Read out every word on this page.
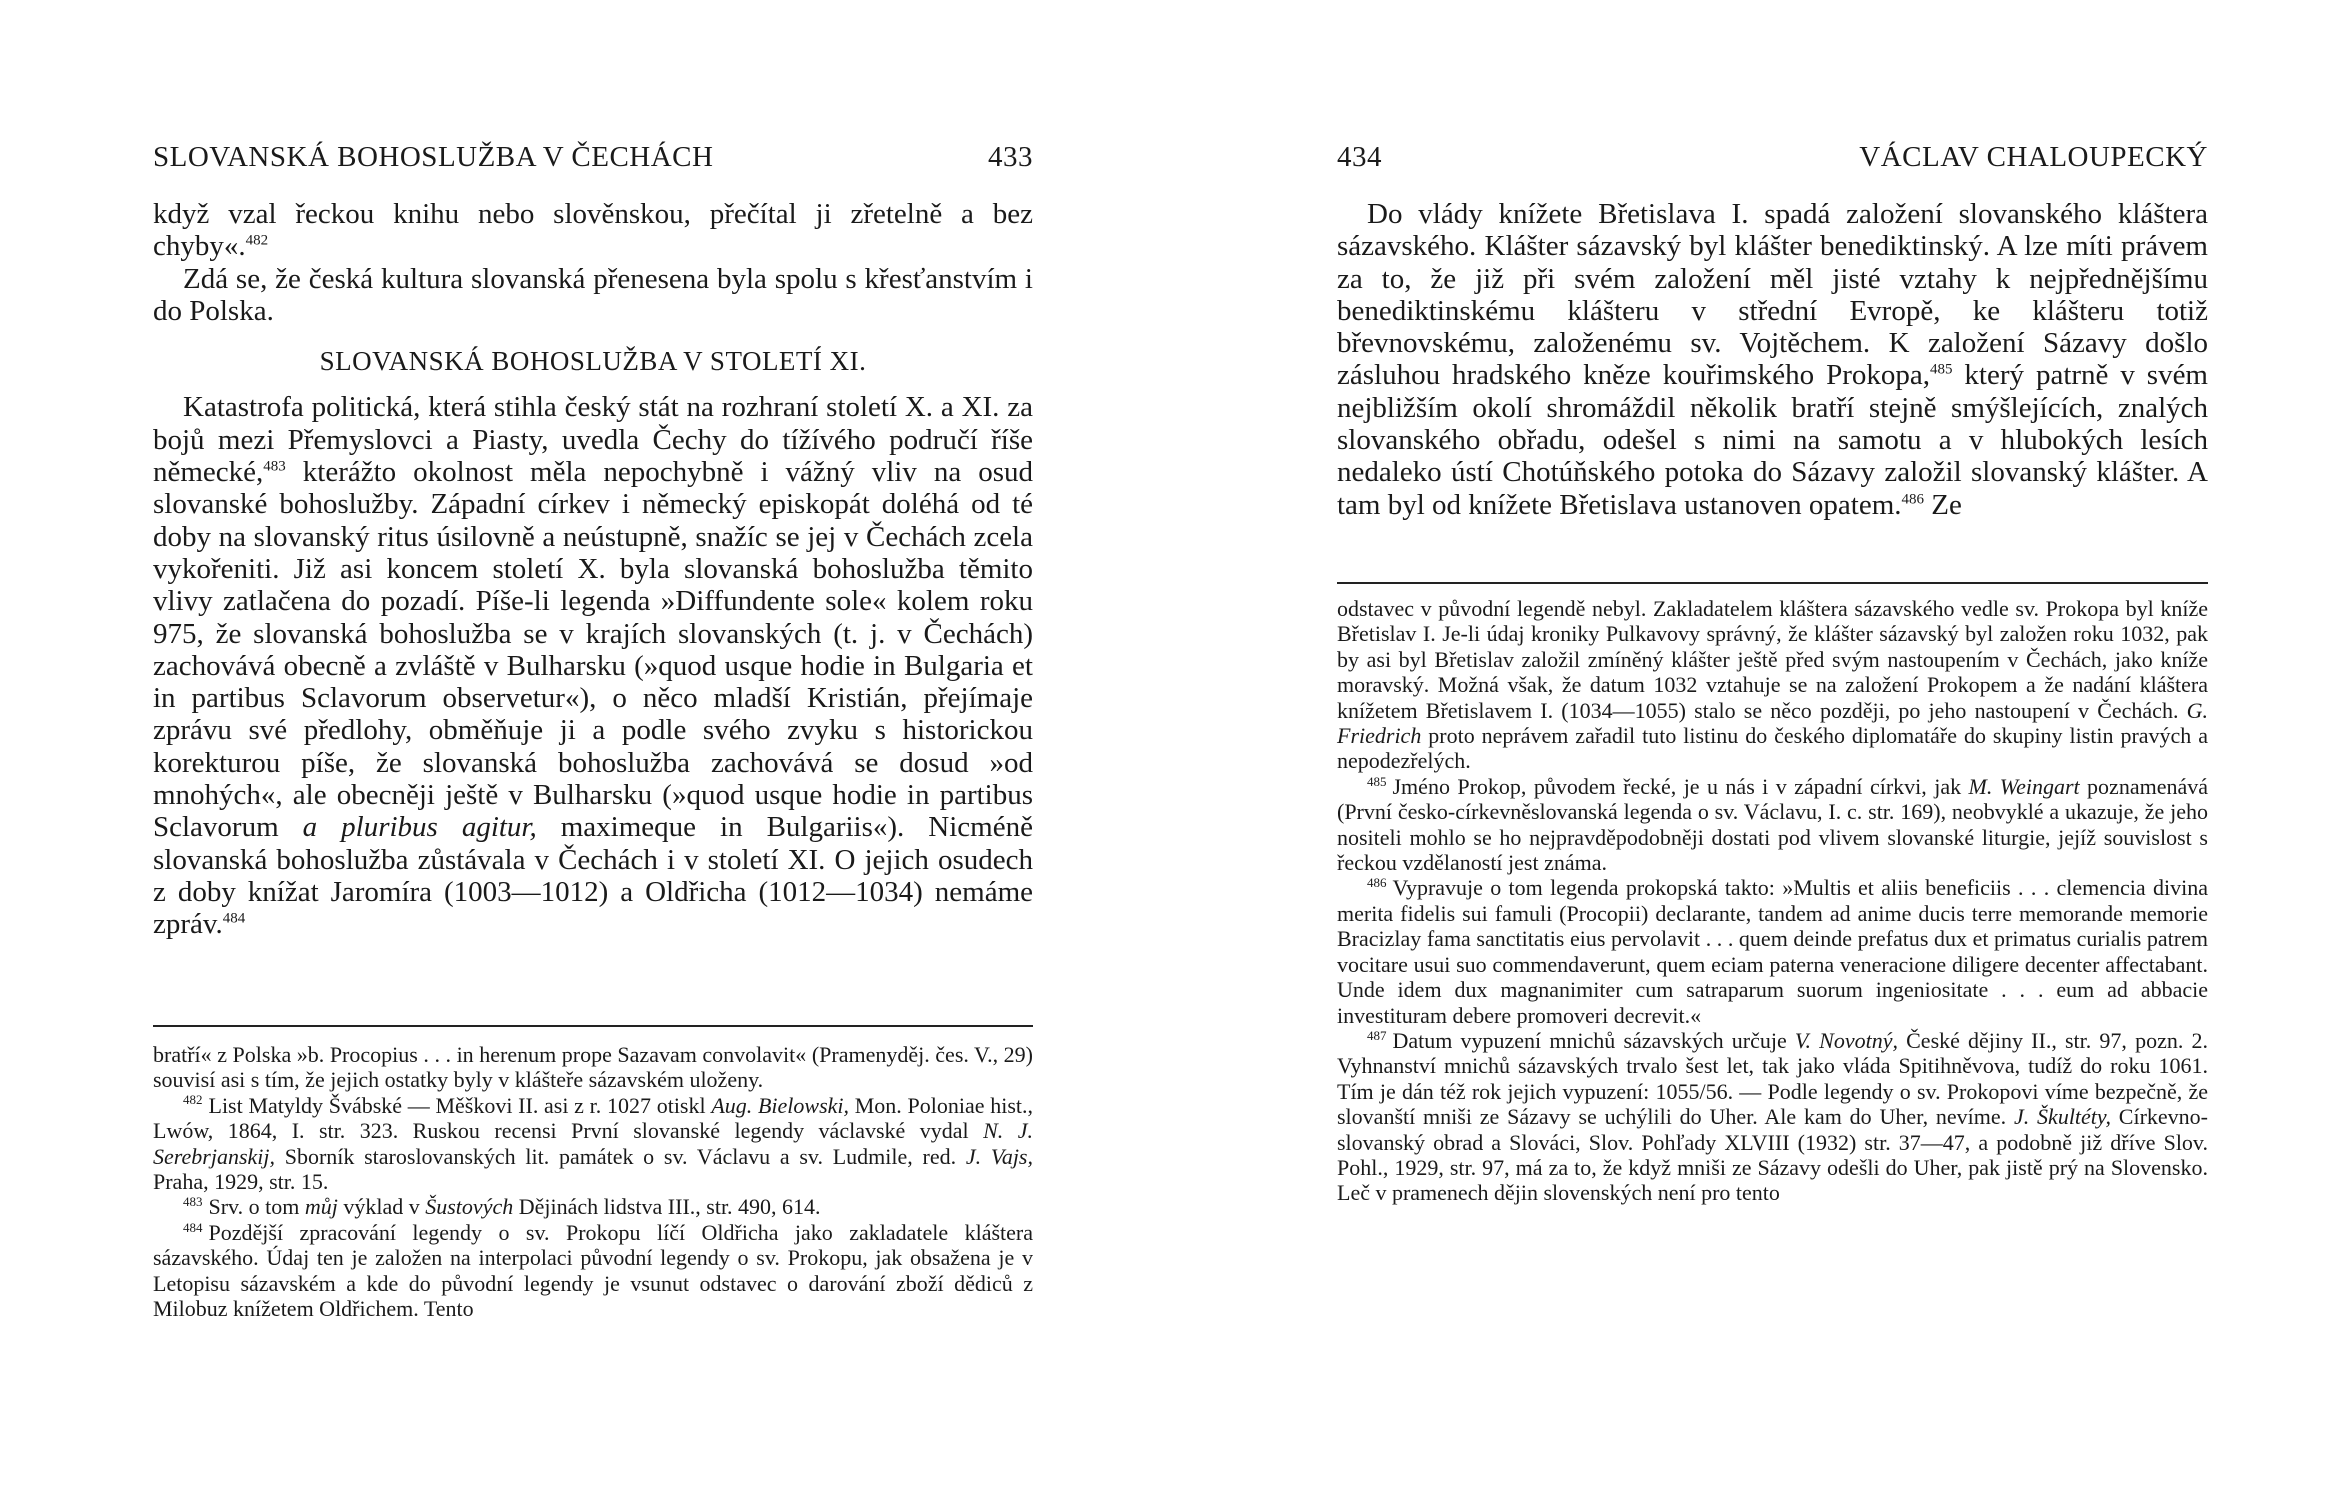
SLOVANSKÁ BOHOSLUŽBA V ČECHÁCH	433

když vzal řeckou knihu nebo slověnskou, přečítal ji zřetelně a bez chyby«.$^{482}$

Zdá se, že česká kultura slovanská přenesena byla spolu s křesťanstvím i do Polska.

SLOVANSKÁ BOHOSLUŽBA V STOLETÍ XI.

Katastrofa politická, která stihla český stát na rozhraní století X. a XI. za bojů mezi Přemyslovci a Piasty, uvedla Čechy do tížívého područí říše německé,$^{483}$ kterážto okolnost měla nepochybně i vážný vliv na osud slovanské bohoslužby. Západní církev i německý episkopát doléhá od té doby na slovanský ritus úsilovně a neústupně, snažíc se jej v Čechách zcela vykořeniti. Již asi koncem století X. byla slovanská bohoslužba těmito vlivy zatlačena do pozadí. Píše-li legenda »Diffundente sole« kolem roku 975, že slovanská bohoslužba se v krajích slovanských (t. j. v Čechách) zachovává obecně a zvláště v Bulharsku (»quod usque hodie in Bulgaria et in partibus Sclavorum observetur«), o něco mladší Kristián, přejímaje zprávu své předlohy, obměňuje ji a podle svého zvyku s historickou korekturou píše, že slovanská bohoslužba zachovává se dosud »od mnohých«, ale obecněji ještě v Bulharsku (»quod usque hodie in partibus Sclavorum a pluribus agitur, maximeque in Bulgariis«). Nicméně slovanská bohoslužba zůstávala v Čechách i v století XI. O jejich osudech z doby knížat Jaromíra (1003—1012) a Oldřicha (1012—1034) nemáme zpráv.$^{484}$

bratří« z Polska »b. Procopius . . . in herenum prope Sazavam convolavit« (Pramenyděj. čes. V., 29) souvisí asi s tím, že jejich ostatky byly v klášteře sázavském uloženy.

$^{482}$ List Matyldy Švábské — Měškovi II. asi z r. 1027 otiskl Aug. Bielowski, Mon. Poloniae hist., Lwów, 1864, I. str. 323. Ruskou recensi První slovanské legendy václavské vydal N. J. Serebrjanskij, Sborník staroslovanských lit. památek o sv. Václavu a sv. Ludmile, red. J. Vajs, Praha, 1929, str. 15.

$^{483}$ Srv. o tom můj výklad v Šustových Dějinách lidstva III., str. 490, 614.

$^{484}$ Pozdější zpracování legendy o sv. Prokopu líčí Oldřicha jako zakladatele kláštera sázavského. Údaj ten je založen na interpolaci původní legendy o sv. Prokopu, jak obsažena je v Letopisu sázavském a kde do původní legendy je vsunut odstavec o darování zboží dědiců z Milobuz knížetem Oldřichem. Tento

434	VÁCLAV CHALOUPECKÝ

Do vlády knížete Břetislava I. spadá založení slovanského kláštera sázavského. Klášter sázavský byl klášter benediktinský. A lze míti právem za to, že již při svém založení měl jisté vztahy k nejpřednějšímu benediktinskému klášteru v střední Evropě, ke klášteru totiž břevnovskému, založenému sv. Vojtěchem. K založení Sázavy došlo zásluhou hradského kněze kouřimského Prokopa,$^{485}$ který patrně v svém nejbližším okolí shromáždil několik bratří stejně smýšlejících, znalých slovanského obřadu, odešel s nimi na samotu a v hlubokých lesích nedaleko ústí Chotúňského potoka do Sázavy založil slovanský klášter. A tam byl od knížete Břetislava ustanoven opatem.$^{486}$ Ze

odstavec v původní legendě nebyl. Zakladatelem kláštera sázavského vedle sv. Prokopa byl kníže Břetislav I. Je-li údaj kroniky Pulkavovy správný, že klášter sázavský byl založen roku 1032, pak by asi byl Břetislav založil zmíněný klášter ještě před svým nastoupením v Čechách, jako kníže moravský. Možná však, že datum 1032 vztahuje se na založení Prokopem a že nadání kláštera knížetem Břetislavem I. (1034—1055) stalo se něco později, po jeho nastoupení v Čechách. G. Friedrich proto neprávem zařadil tuto listinu do českého diplomatáře do skupiny listin pravých a nepodezřelých.

$^{485}$ Jméno Prokop, původem řecké, je u nás i v západní církvi, jak M. Weingart poznamenává (První česko-církevněslovanská legenda o sv. Václavu, I. c. str. 169), neobvyklé a ukazuje, že jeho nositeli mohlo se ho nejpravděpodobněji dostati pod vlivem slovanské liturgie, jejíž souvislost s řeckou vzdělaností jest známa.

$^{486}$ Vypravuje o tom legenda prokopská takto: »Multis et aliis beneficiis . . . clemencia divina merita fidelis sui famuli (Procopii) declarante, tandem ad anime ducis terre memorande memorie Bracizlay fama sanctitatis eius pervolavit . . . quem deinde prefatus dux et primatus curialis patrem vocitare usui suo commendaverunt, quem eciam paterna veneracione diligere decenter affectabant. Unde idem dux magnanimiter cum satraparum suorum ingeniositate . . . eum ad abbacie investituram debere promoveri decrevit.«

$^{487}$ Datum vypuzení mnichů sázavských určuje V. Novotný, České dějiny II., str. 97, pozn. 2. Vyhnanství mnichů sázavských trvalo šest let, tak jako vláda Spitihněvova, tudíž do roku 1061. Tím je dán též rok jejich vypuzení: 1055/56. — Podle legendy o sv. Prokopovi víme bezpečně, že slovanští mniši ze Sázavy se uchýlili do Uher. Ale kam do Uher, nevíme. J. Škultéty, Církevno-slovanský obrad a Slováci, Slov. Pohľady XLVIII (1932) str. 37—47, a podobně již dříve Slov. Pohl., 1929, str. 97, má za to, že když mniši ze Sázavy odešli do Uher, pak jistě prý na Slovensko. Leč v pramenech dějin slovenských není pro tento
